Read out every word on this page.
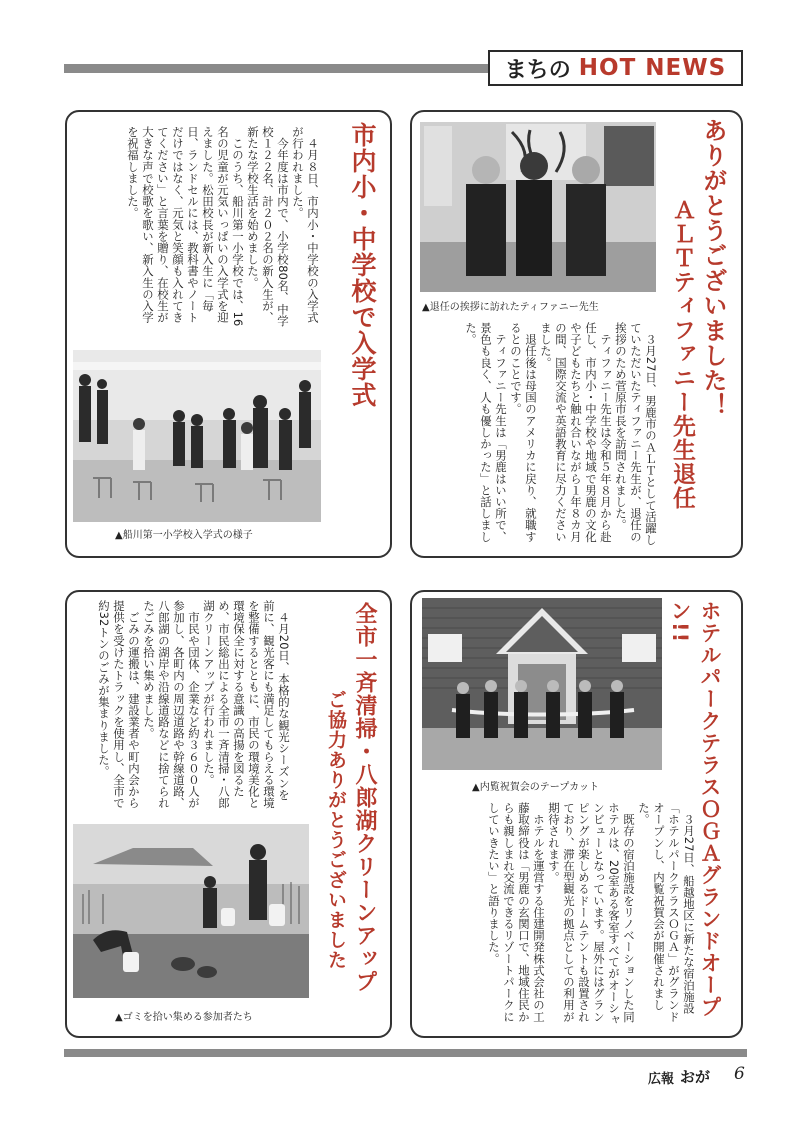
まちの HOT NEWS
市内小・中学校で入学式
　４月８日、市内小・中学校の入学式が行われました。
　今年度は市内で、小学校80名、中学校１２２名、計２０２名の新入生が、新たな学校生活を始めました。
　このうち、船川第一小学校では、16名の児童が元気いっぱいの入学式を迎えました。松田校長が新入生に「毎日、ランドセルには、教科書やノートだけではなく、元気と笑顔も入れてきてください」と言葉を贈り、在校生が大きな声で校歌を歌い、新入生の入学を祝福しました。
▲船川第一小学校入学式の様子
ありがとうございました！
ＡＬＴティファニー先生退任
▲退任の挨拶に訪れたティファニー先生
　３月27日、男鹿市のＡＬＴとして活躍していただいたティファニー先生が、退任の挨拶のため菅原市長を訪問されました。
　ティファニー先生は令和５年８月から赴任し、市内小・中学校や地域で男鹿の文化や子どもたちと触れ合いながら１年８カ月の間、国際交流や英語教育に尽力くださいました。
　退任後は母国のアメリカに戻り、就職するとのことです。
　ティファニー先生は「男鹿はいい所で、景色も良く、人も優しかった」と話しました。
全市一斉清掃・八郎湖クリーンアップ
ご協力ありがとうございました
　４月20日、本格的な観光シーズンを前に、観光客にも満足してもらえる環境を整備するとともに、市民の環境美化と環境保全に対する意識の高揚を図るため、市民総出による全市一斉清掃・八郎湖クリーンアップが行われました。
　市民や団体、企業など約３６００人が参加し、各町内の周辺道路や幹線道路、八郎湖の湖岸や沿線道路などに捨てられたごみを拾い集めました。
　ごみの運搬は、建設業者や町内会から提供を受けたトラックを使用し、全市で約32トンのごみが集まりました。
▲ゴミを拾い集める参加者たち	ホテルパークテラスＯＧＡグランドオープン!!
▲内覧祝賀会のテープカット
　３月27日、船越地区に新たな宿泊施設「ホテルパークテラスＯＧＡ」がグランドオープンし、内覧祝賀会が開催されました。
　既存の宿泊施設をリノベーションした同ホテルは、20室ある客室すべてがオーシャンビューとなっています。屋外にはグランピングが楽しめるドームテントも設置されており、滞在型観光の拠点としての利用が期待されます。
　ホテルを運営する住建開発株式会社の工藤取締役は「男鹿の玄関口で、地域住民からも親しまれ交流できるリゾートパークにしていきたい」と語りました。
広報 おが 6
